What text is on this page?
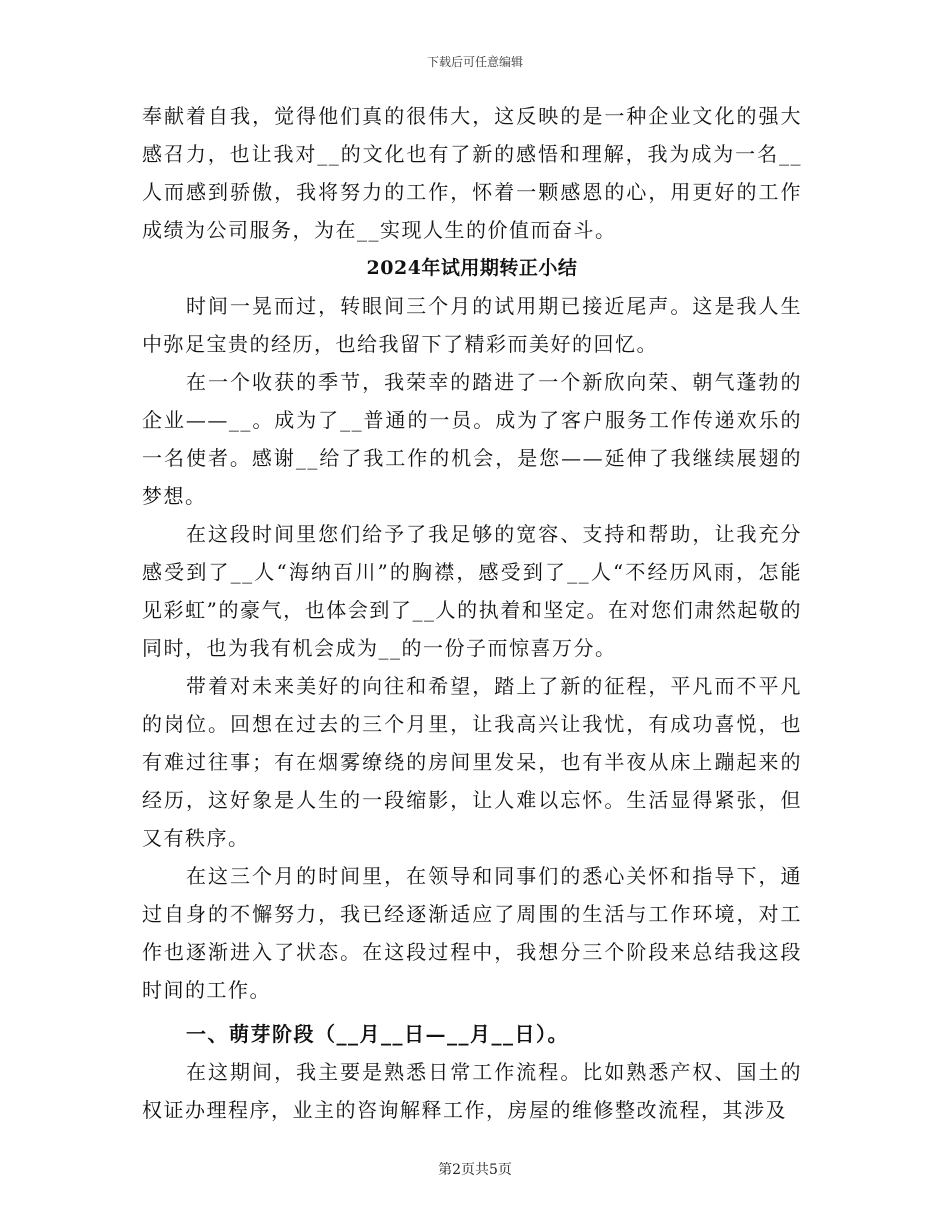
下载后可任意编辑

奉献着自我，觉得他们真的很伟大，这反映的是一种企业文化的强大感召力，也让我对__的文化也有了新的感悟和理解，我为成为一名__人而感到骄傲，我将努力的工作，怀着一颗感恩的心，用更好的工作成绩为公司服务，为在__实现人生的价值而奋斗。

2024年试用期转正小结

时间一晃而过，转眼间三个月的试用期已接近尾声。这是我人生中弥足宝贵的经历，也给我留下了精彩而美好的回忆。

在一个收获的季节，我荣幸的踏进了一个新欣向荣、朝气蓬勃的企业——__。成为了__普通的一员。成为了客户服务工作传递欢乐的一名使者。感谢__给了我工作的机会，是您——延伸了我继续展翅的梦想。

在这段时间里您们给予了我足够的宽容、支持和帮助，让我充分感受到了__人“海纳百川”的胸襟，感受到了__人“不经历风雨，怎能见彩虹”的豪气，也体会到了__人的执着和坚定。在对您们肃然起敬的同时，也为我有机会成为__的一份子而惊喜万分。

带着对未来美好的向往和希望，踏上了新的征程，平凡而不平凡的岗位。回想在过去的三个月里，让我高兴让我忧，有成功喜悦，也有难过往事；有在烟雾缭绕的房间里发呆，也有半夜从床上蹦起来的经历，这好象是人生的一段缩影，让人难以忘怀。生活显得紧张，但又有秩序。

在这三个月的时间里，在领导和同事们的悉心关怀和指导下，通过自身的不懈努力，我已经逐渐适应了周围的生活与工作环境，对工作也逐渐进入了状态。在这段过程中，我想分三个阶段来总结我这段时间的工作。

一、萌芽阶段（__月__日—__月__日）。

在这期间，我主要是熟悉日常工作流程。比如熟悉产权、国土的权证办理程序，业主的咨询解释工作，房屋的维修整改流程，其涉及

第2页共5页
